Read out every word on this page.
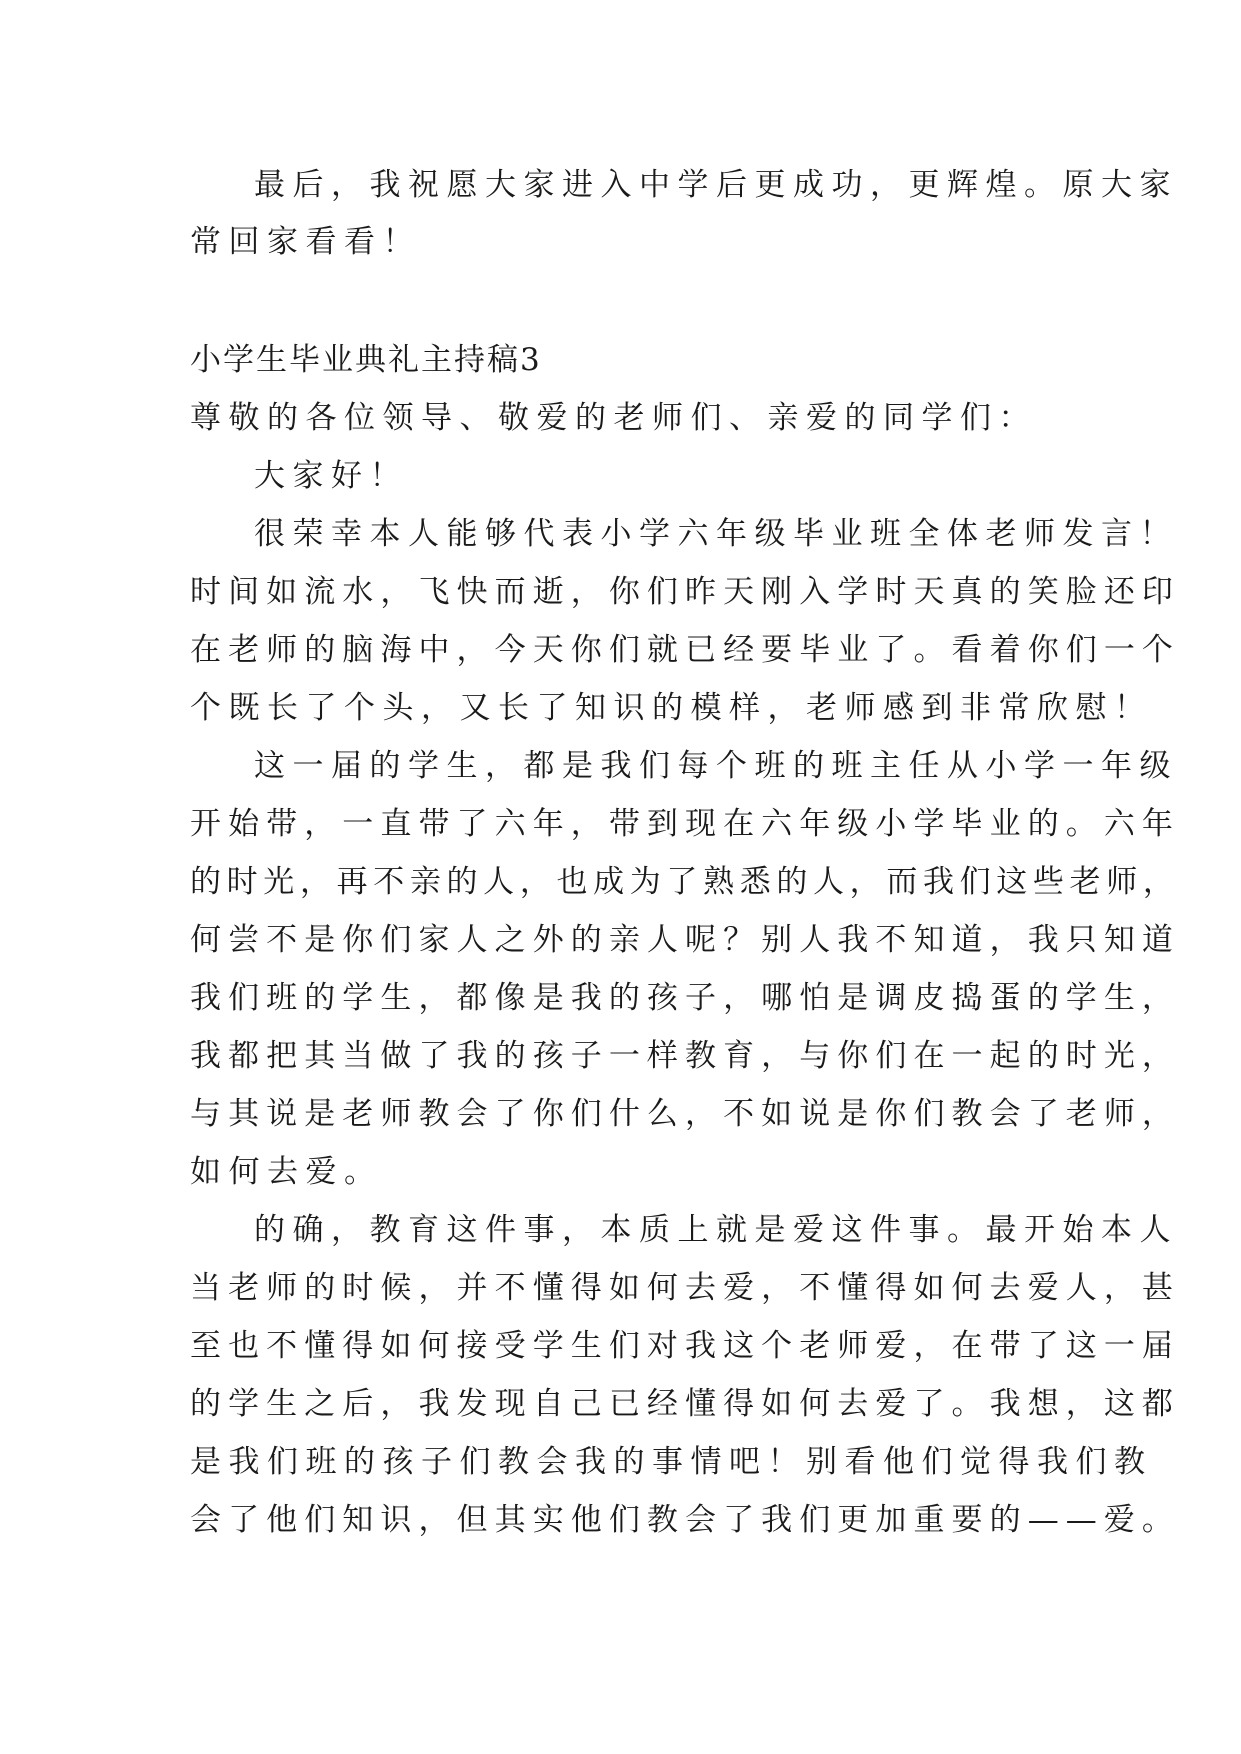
最后，我祝愿大家进入中学后更成功，更辉煌。原大家
常回家看看！
小学生毕业典礼主持稿3
尊敬的各位领导、敬爱的老师们、亲爱的同学们：
大家好！
很荣幸本人能够代表小学六年级毕业班全体老师发言！
时间如流水，飞快而逝，你们昨天刚入学时天真的笑脸还印
在老师的脑海中，今天你们就已经要毕业了。看着你们一个
个既长了个头，又长了知识的模样，老师感到非常欣慰！
这一届的学生，都是我们每个班的班主任从小学一年级
开始带，一直带了六年，带到现在六年级小学毕业的。六年
的时光，再不亲的人，也成为了熟悉的人，而我们这些老师，
何尝不是你们家人之外的亲人呢？别人我不知道，我只知道
我们班的学生，都像是我的孩子，哪怕是调皮捣蛋的学生，
我都把其当做了我的孩子一样教育，与你们在一起的时光，
与其说是老师教会了你们什么，不如说是你们教会了老师，
如何去爱。
的确，教育这件事，本质上就是爱这件事。最开始本人
当老师的时候，并不懂得如何去爱，不懂得如何去爱人，甚
至也不懂得如何接受学生们对我这个老师爱，在带了这一届
的学生之后，我发现自己已经懂得如何去爱了。我想，这都
是我们班的孩子们教会我的事情吧！别看他们觉得我们教
会了他们知识，但其实他们教会了我们更加重要的——爱。
